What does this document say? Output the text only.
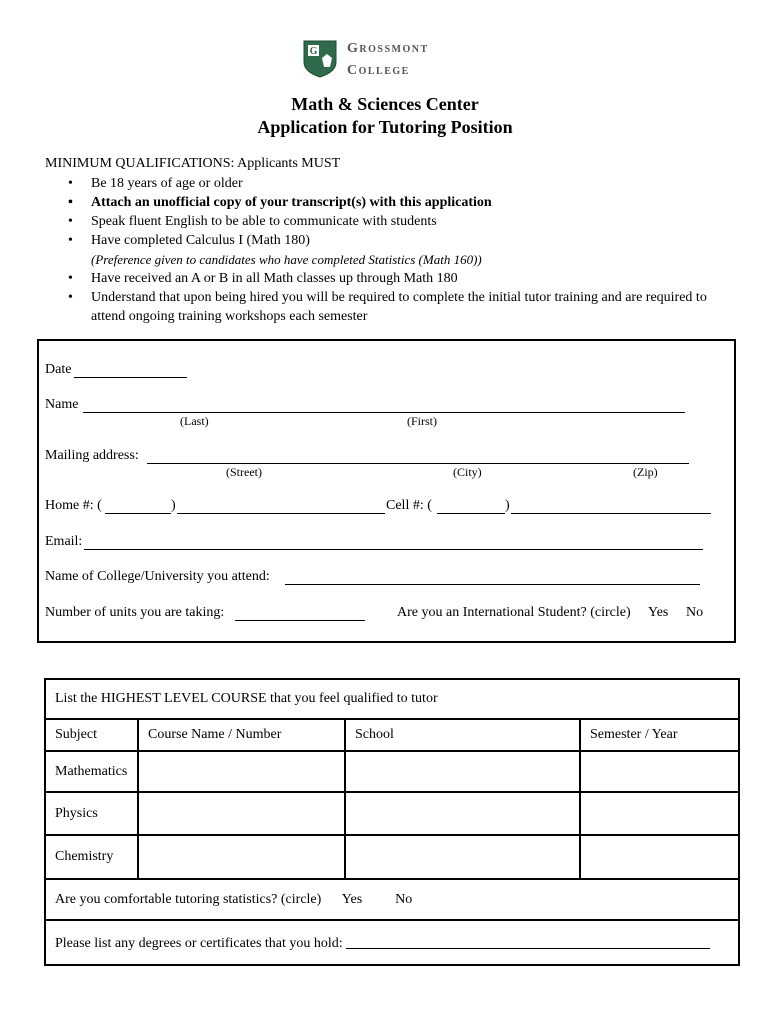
G Grossmont
College
Math & Sciences Center
Application for Tutoring Position
MINIMUM QUALIFICATIONS: Applicants MUST
• Be 18 years of age or older
• Attach an unofficial copy of your transcript(s) with this application
• Speak fluent English to be able to communicate with students
• Have completed Calculus I (Math 180)
(Preference given to candidates who have completed Statistics (Math 160))
• Have received an A or B in all Math classes up through Math 180
• Understand that upon being hired you will be required to complete the initial tutor training and are required to attend ongoing training workshops each semester
Date
Name
(Last)	(First)
Mailing address:
(Street)	(City)	(Zip)
Home #: (	)	Cell #: (	)
Email:
Name of College/University you attend:
Number of units you are taking:	Are you an International Student? (circle) Yes No
List the HIGHEST LEVEL COURSE that you feel qualified to tutor			
Subject	Course Name / Number	School	Semester / Year
Mathematics			
Physics			
Chemistry			
Are you comfortable tutoring statistics? (circle) Yes No			
Please list any degrees or certificates that you hold:			
